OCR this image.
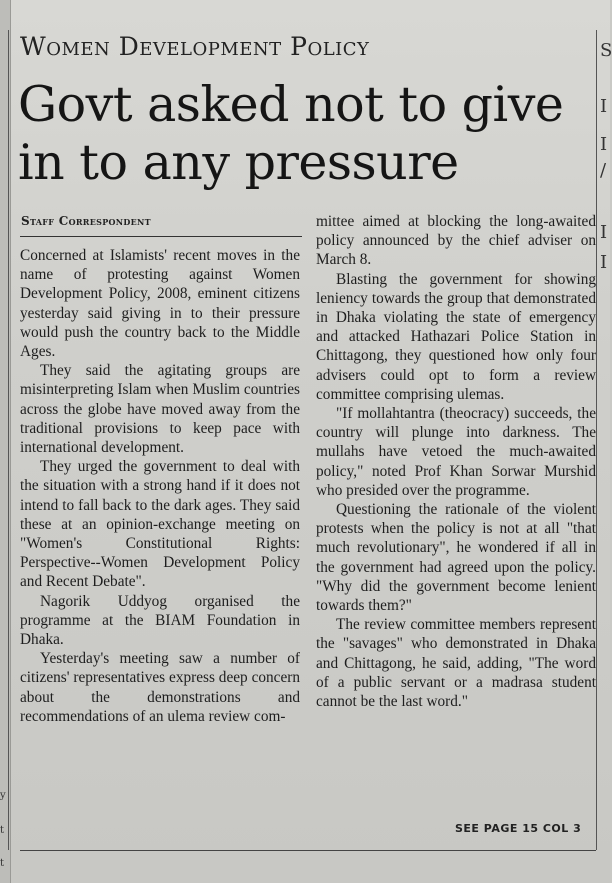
S
I
I
/
I
I
y
t
t
Women Development Policy
Govt asked not to give in to any pressure
Staff Correspondent

Concerned at Islamists' recent moves in the name of protesting against Women Development Policy, 2008, eminent citizens yesterday said giving in to their pressure would push the country back to the Middle Ages.

They said the agitating groups are misinterpreting Islam when Muslim countries across the globe have moved away from the traditional provisions to keep pace with international development.

They urged the government to deal with the situation with a strong hand if it does not intend to fall back to the dark ages. They said these at an opinion-exchange meeting on "Women's Constitutional Rights: Perspective--Women Development Policy and Recent Debate".

Nagorik Uddyog organised the programme at the BIAM Foundation in Dhaka.

Yesterday's meeting saw a number of citizens' representatives express deep concern about the demonstrations and recommendations of an ulema review com-

mittee aimed at blocking the long-awaited policy announced by the chief adviser on March 8.

Blasting the government for showing leniency towards the group that demonstrated in Dhaka violating the state of emergency and attacked Hathazari Police Station in Chittagong, they questioned how only four advisers could opt to form a review committee comprising ulemas.

"If mollahtantra (theocracy) succeeds, the country will plunge into darkness. The mullahs have vetoed the much-awaited policy," noted Prof Khan Sorwar Murshid who presided over the programme.

Questioning the rationale of the violent protests when the policy is not at all "that much revolutionary", he wondered if all in the government had agreed upon the policy. "Why did the government become lenient towards them?"

The review committee members represent the "savages" who demonstrated in Dhaka and Chittagong, he said, adding, "The word of a public servant or a madrasa student cannot be the last word."

SEE PAGE 15 COL 3
